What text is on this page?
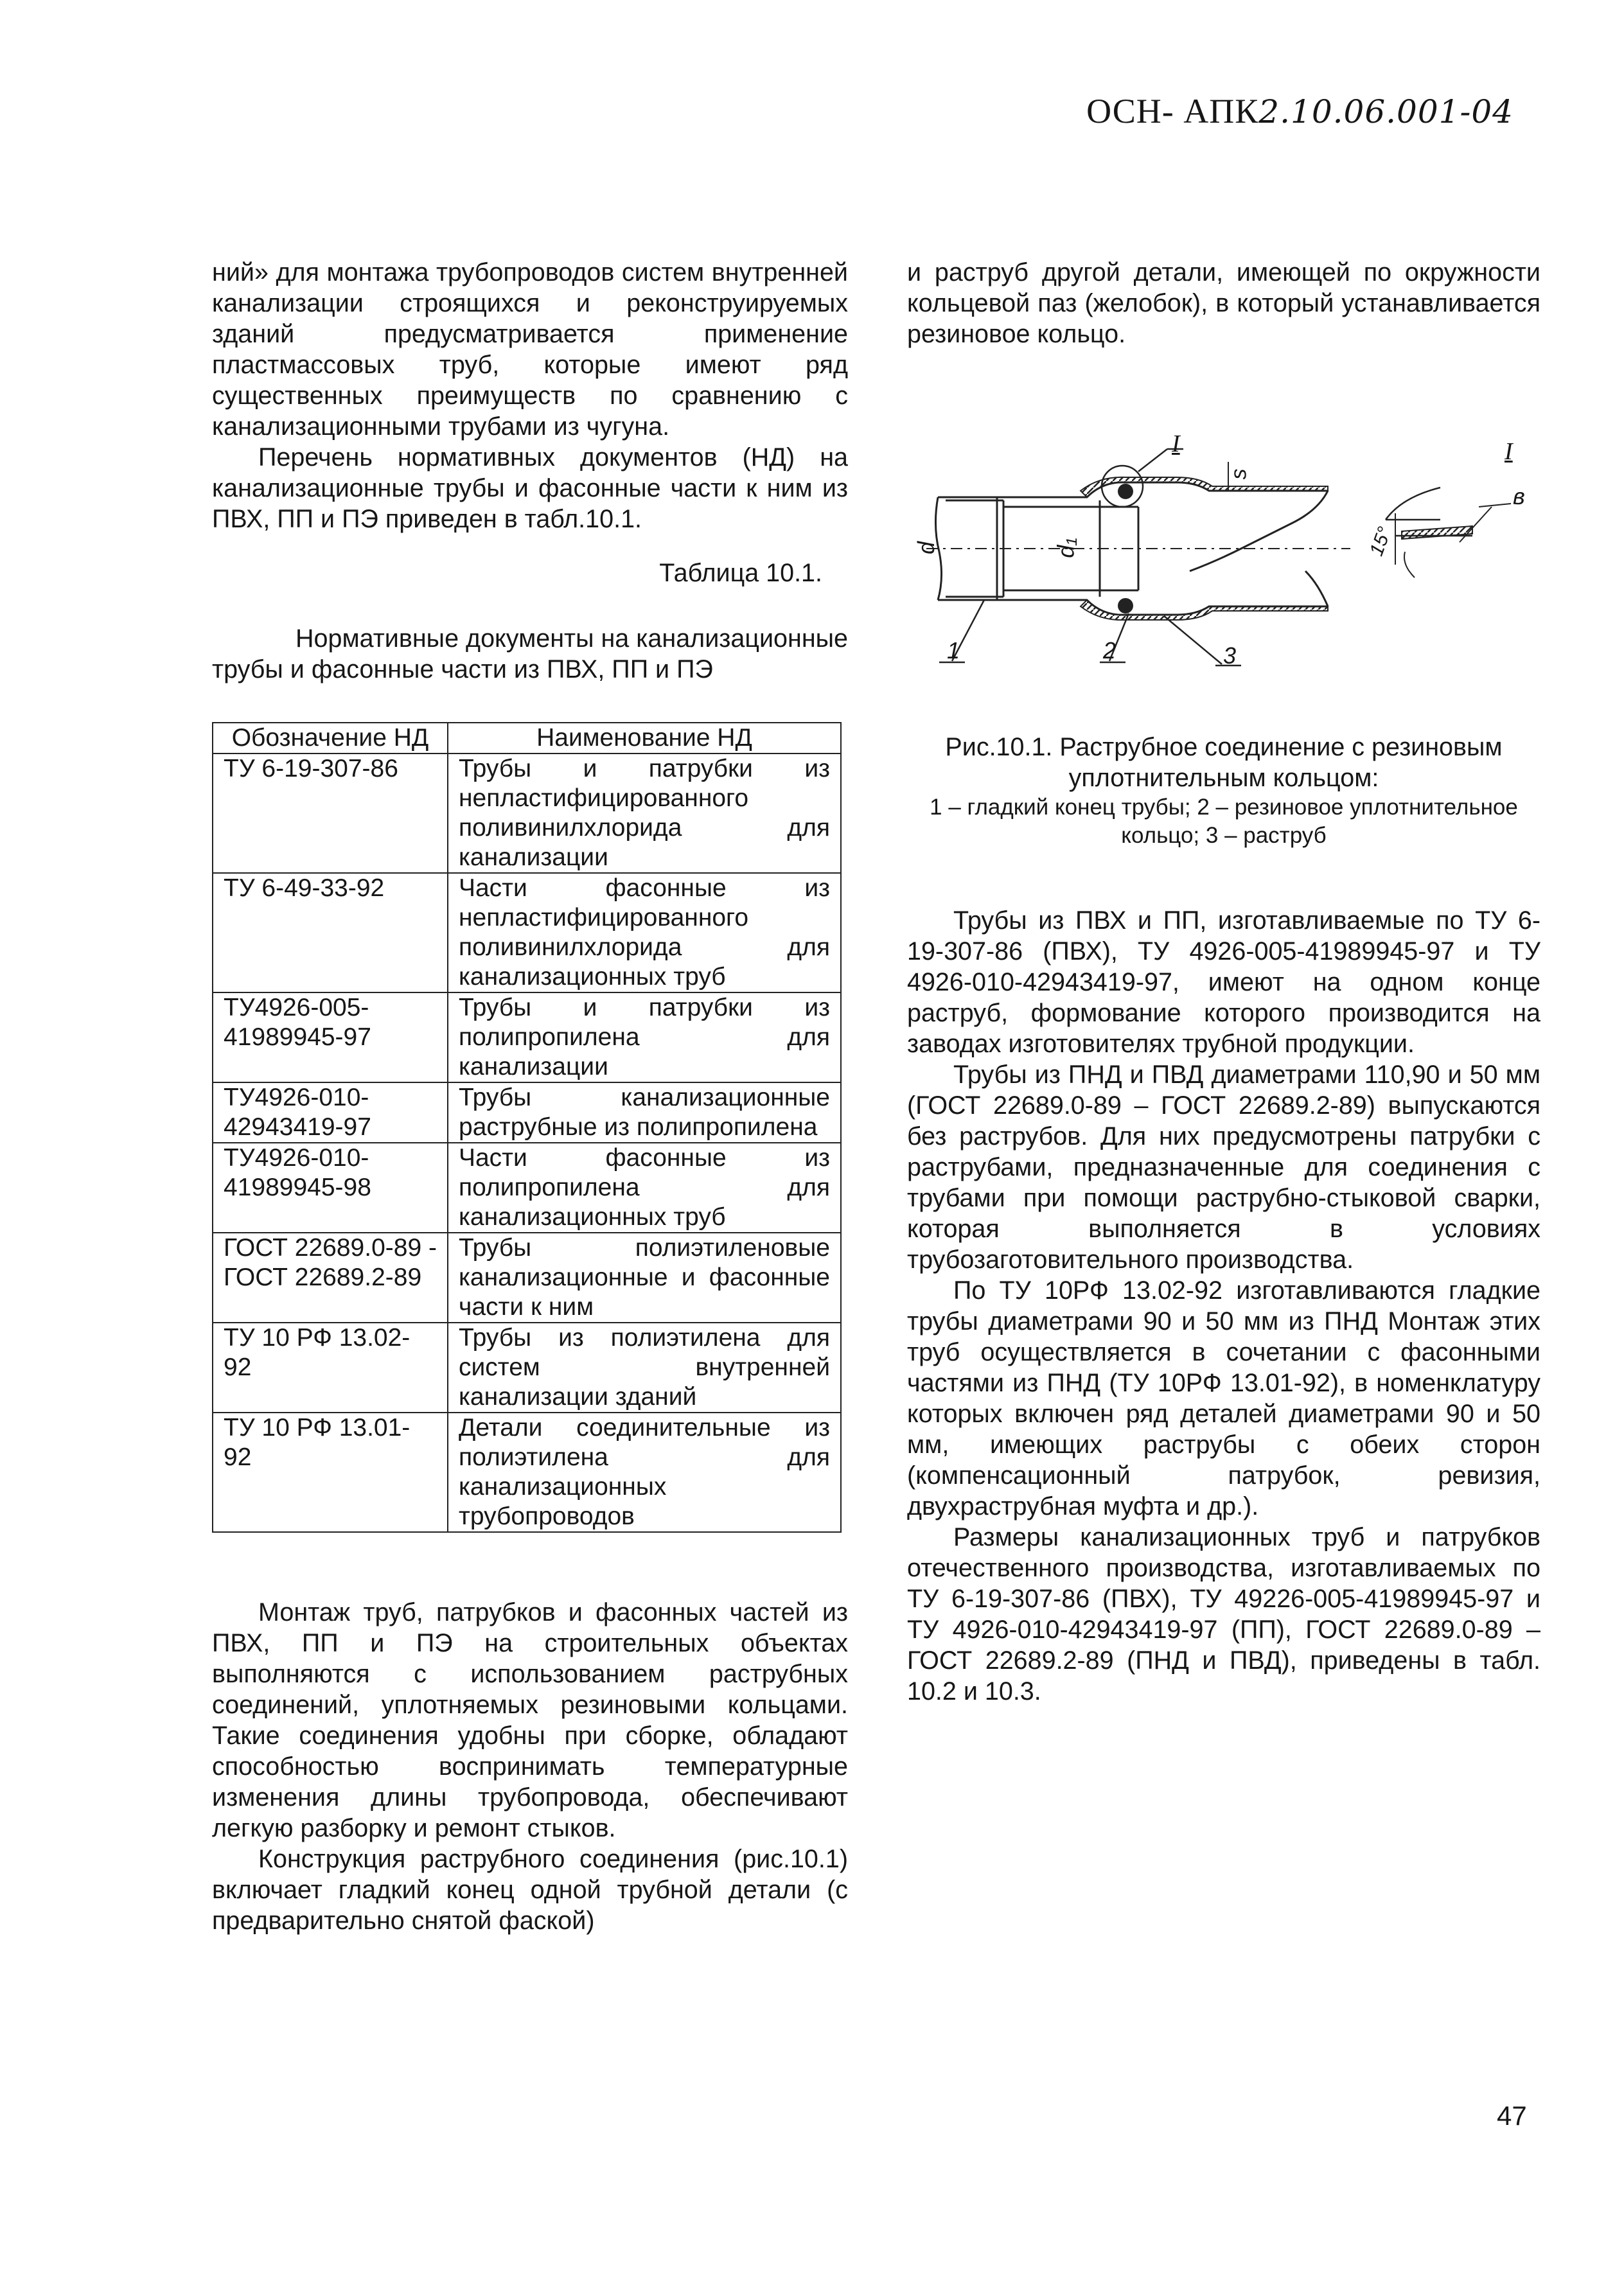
ОСН- АПК2.10.06.001-04

ний» для монтажа трубопроводов систем внутренней канализации строящихся и реконструируемых зданий предусматривается применение пластмассовых труб, которые имеют ряд существенных преимуществ по сравнению с канализационными трубами из чугуна.

Перечень нормативных документов (НД) на канализационные трубы и фасонные части к ним из ПВХ, ПП и ПЭ приведен в табл.10.1.

Таблица 10.1.

Нормативные документы на канализационные трубы и фасонные части из ПВХ, ПП и ПЭ

Обозначение НД	Наименование НД
ТУ 6-19-307-86	Трубы и патрубки из непластифицированного поливинилхлорида для канализации
ТУ 6-49-33-92	Части фасонные из непластифицированного поливинилхлорида для канализационных труб
ТУ4926-005-41989945-97	Трубы и патрубки из полипропилена для канализации
ТУ4926-010-42943419-97	Трубы канализационные раструбные из полипропилена
ТУ4926-010-41989945-98	Части фасонные из полипропилена для канализационных труб
ГОСТ 22689.0-89 - ГОСТ 22689.2-89	Трубы полиэтиленовые канализационные и фасонные части к ним
ТУ 10 РФ 13.02-92	Трубы из полиэтилена для систем внутренней канализации зданий
ТУ 10 РФ 13.01-92	Детали соединительные из полиэтилена для канализационных трубопроводов

Монтаж труб, патрубков и фасонных частей из ПВХ, ПП и ПЭ на строительных объектах выполняются с использованием раструбных соединений, уплотняемых резиновыми кольцами. Такие соединения удобны при сборке, обладают способностью воспринимать температурные изменения длины трубопровода, обеспечивают легкую разборку и ремонт стыков.

Конструкция раструбного соединения (рис.10.1) включает гладкий конец одной трубной детали (с предварительно снятой фаской)

и раструб другой детали, имеющей по окружности кольцевой паз (желобок), в который устанавливается резиновое кольцо.

I	I
d	d₁
s
1	2	3
15°
в

Рис.10.1. Раструбное соединение с резиновым уплотнительным кольцом:

1 – гладкий конец трубы; 2 – резиновое уплотнительное кольцо; 3 – раструб

Трубы из ПВХ и ПП, изготавливаемые по ТУ 6-19-307-86 (ПВХ), ТУ 4926-005-41989945-97 и ТУ 4926-010-42943419-97, имеют на одном конце раструб, формование которого производится на заводах изготовителях трубной продукции.

Трубы из ПНД и ПВД диаметрами 110,90 и 50 мм (ГОСТ 22689.0-89 – ГОСТ 22689.2-89) выпускаются без раструбов. Для них предусмотрены патрубки с раструбами, предназначенные для соединения с трубами при помощи раструбно-стыковой сварки, которая выполняется в условиях трубозаготовительного производства.

По ТУ 10РФ 13.02-92 изготавливаются гладкие трубы диаметрами 90 и 50 мм из ПНД Монтаж этих труб осуществляется в сочетании с фасонными частями из ПНД (ТУ 10РФ 13.01-92), в номенклатуру которых включен ряд деталей диаметрами 90 и 50 мм, имеющих раструбы с обеих сторон (компенсационный патрубок, ревизия, двухраструбная муфта и др.).

Размеры канализационных труб и патрубков отечественного производства, изготавливаемых по ТУ 6-19-307-86 (ПВХ), ТУ 49226-005-41989945-97 и ТУ 4926-010-42943419-97 (ПП), ГОСТ 22689.0-89 – ГОСТ 22689.2-89 (ПНД и ПВД), приведены в табл. 10.2 и 10.3.

47
